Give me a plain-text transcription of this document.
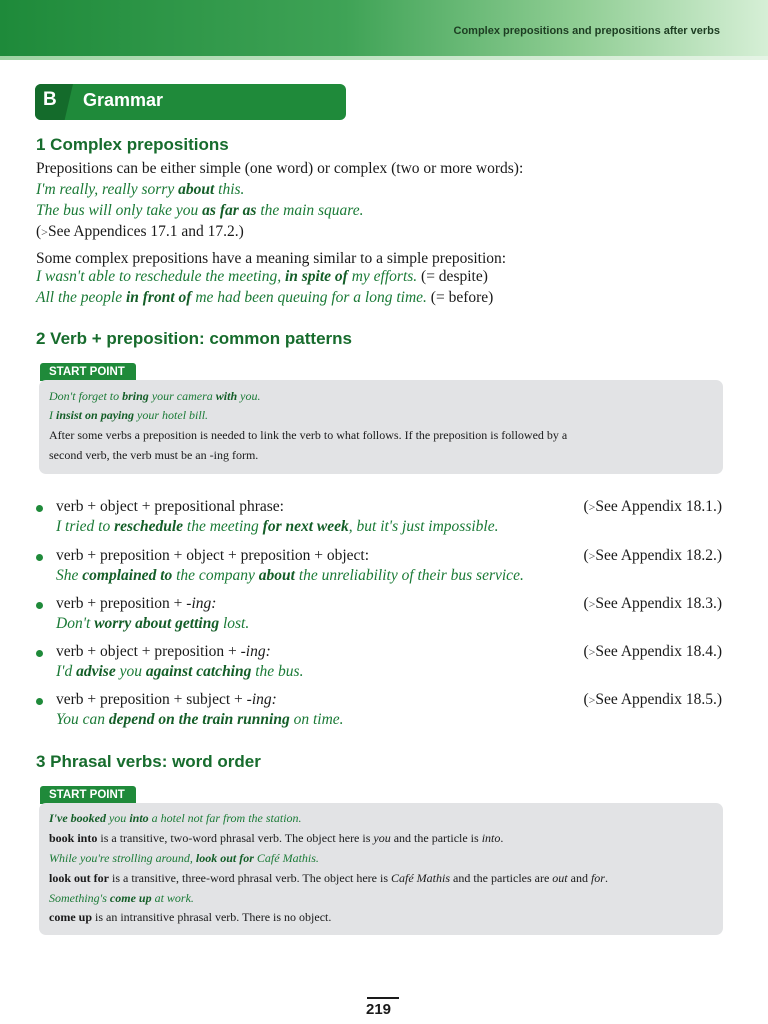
Complex prepositions and prepositions after verbs
B Grammar
1 Complex prepositions
Prepositions can be either simple (one word) or complex (two or more words):
I'm really, really sorry about this.
The bus will only take you as far as the main square.
(>See Appendices 17.1 and 17.2.)
Some complex prepositions have a meaning similar to a simple preposition:
I wasn't able to reschedule the meeting, in spite of my efforts. (= despite)
All the people in front of me had been queuing for a long time. (= before)
2 Verb + preposition: common patterns
START POINT
Don't forget to bring your camera with you.
I insist on paying your hotel bill.
After some verbs a preposition is needed to link the verb to what follows. If the preposition is followed by a
second verb, the verb must be an -ing form.
verb + object + prepositional phrase:	(>See Appendix 18.1.)
I tried to reschedule the meeting for next week, but it's just impossible.
verb + preposition + object + preposition + object:	(>See Appendix 18.2.)
She complained to the company about the unreliability of their bus service.
verb + preposition + -ing:	(>See Appendix 18.3.)
Don't worry about getting lost.
verb + object + preposition + -ing:	(>See Appendix 18.4.)
I'd advise you against catching the bus.
verb + preposition + subject + -ing:	(>See Appendix 18.5.)
You can depend on the train running on time.
3 Phrasal verbs: word order
START POINT
I've booked you into a hotel not far from the station.
book into is a transitive, two-word phrasal verb. The object here is you and the particle is into.
While you're strolling around, look out for Café Mathis.
look out for is a transitive, three-word phrasal verb. The object here is Café Mathis and the particles are out and for.
Something's come up at work.
come up is an intransitive phrasal verb. There is no object.
219
